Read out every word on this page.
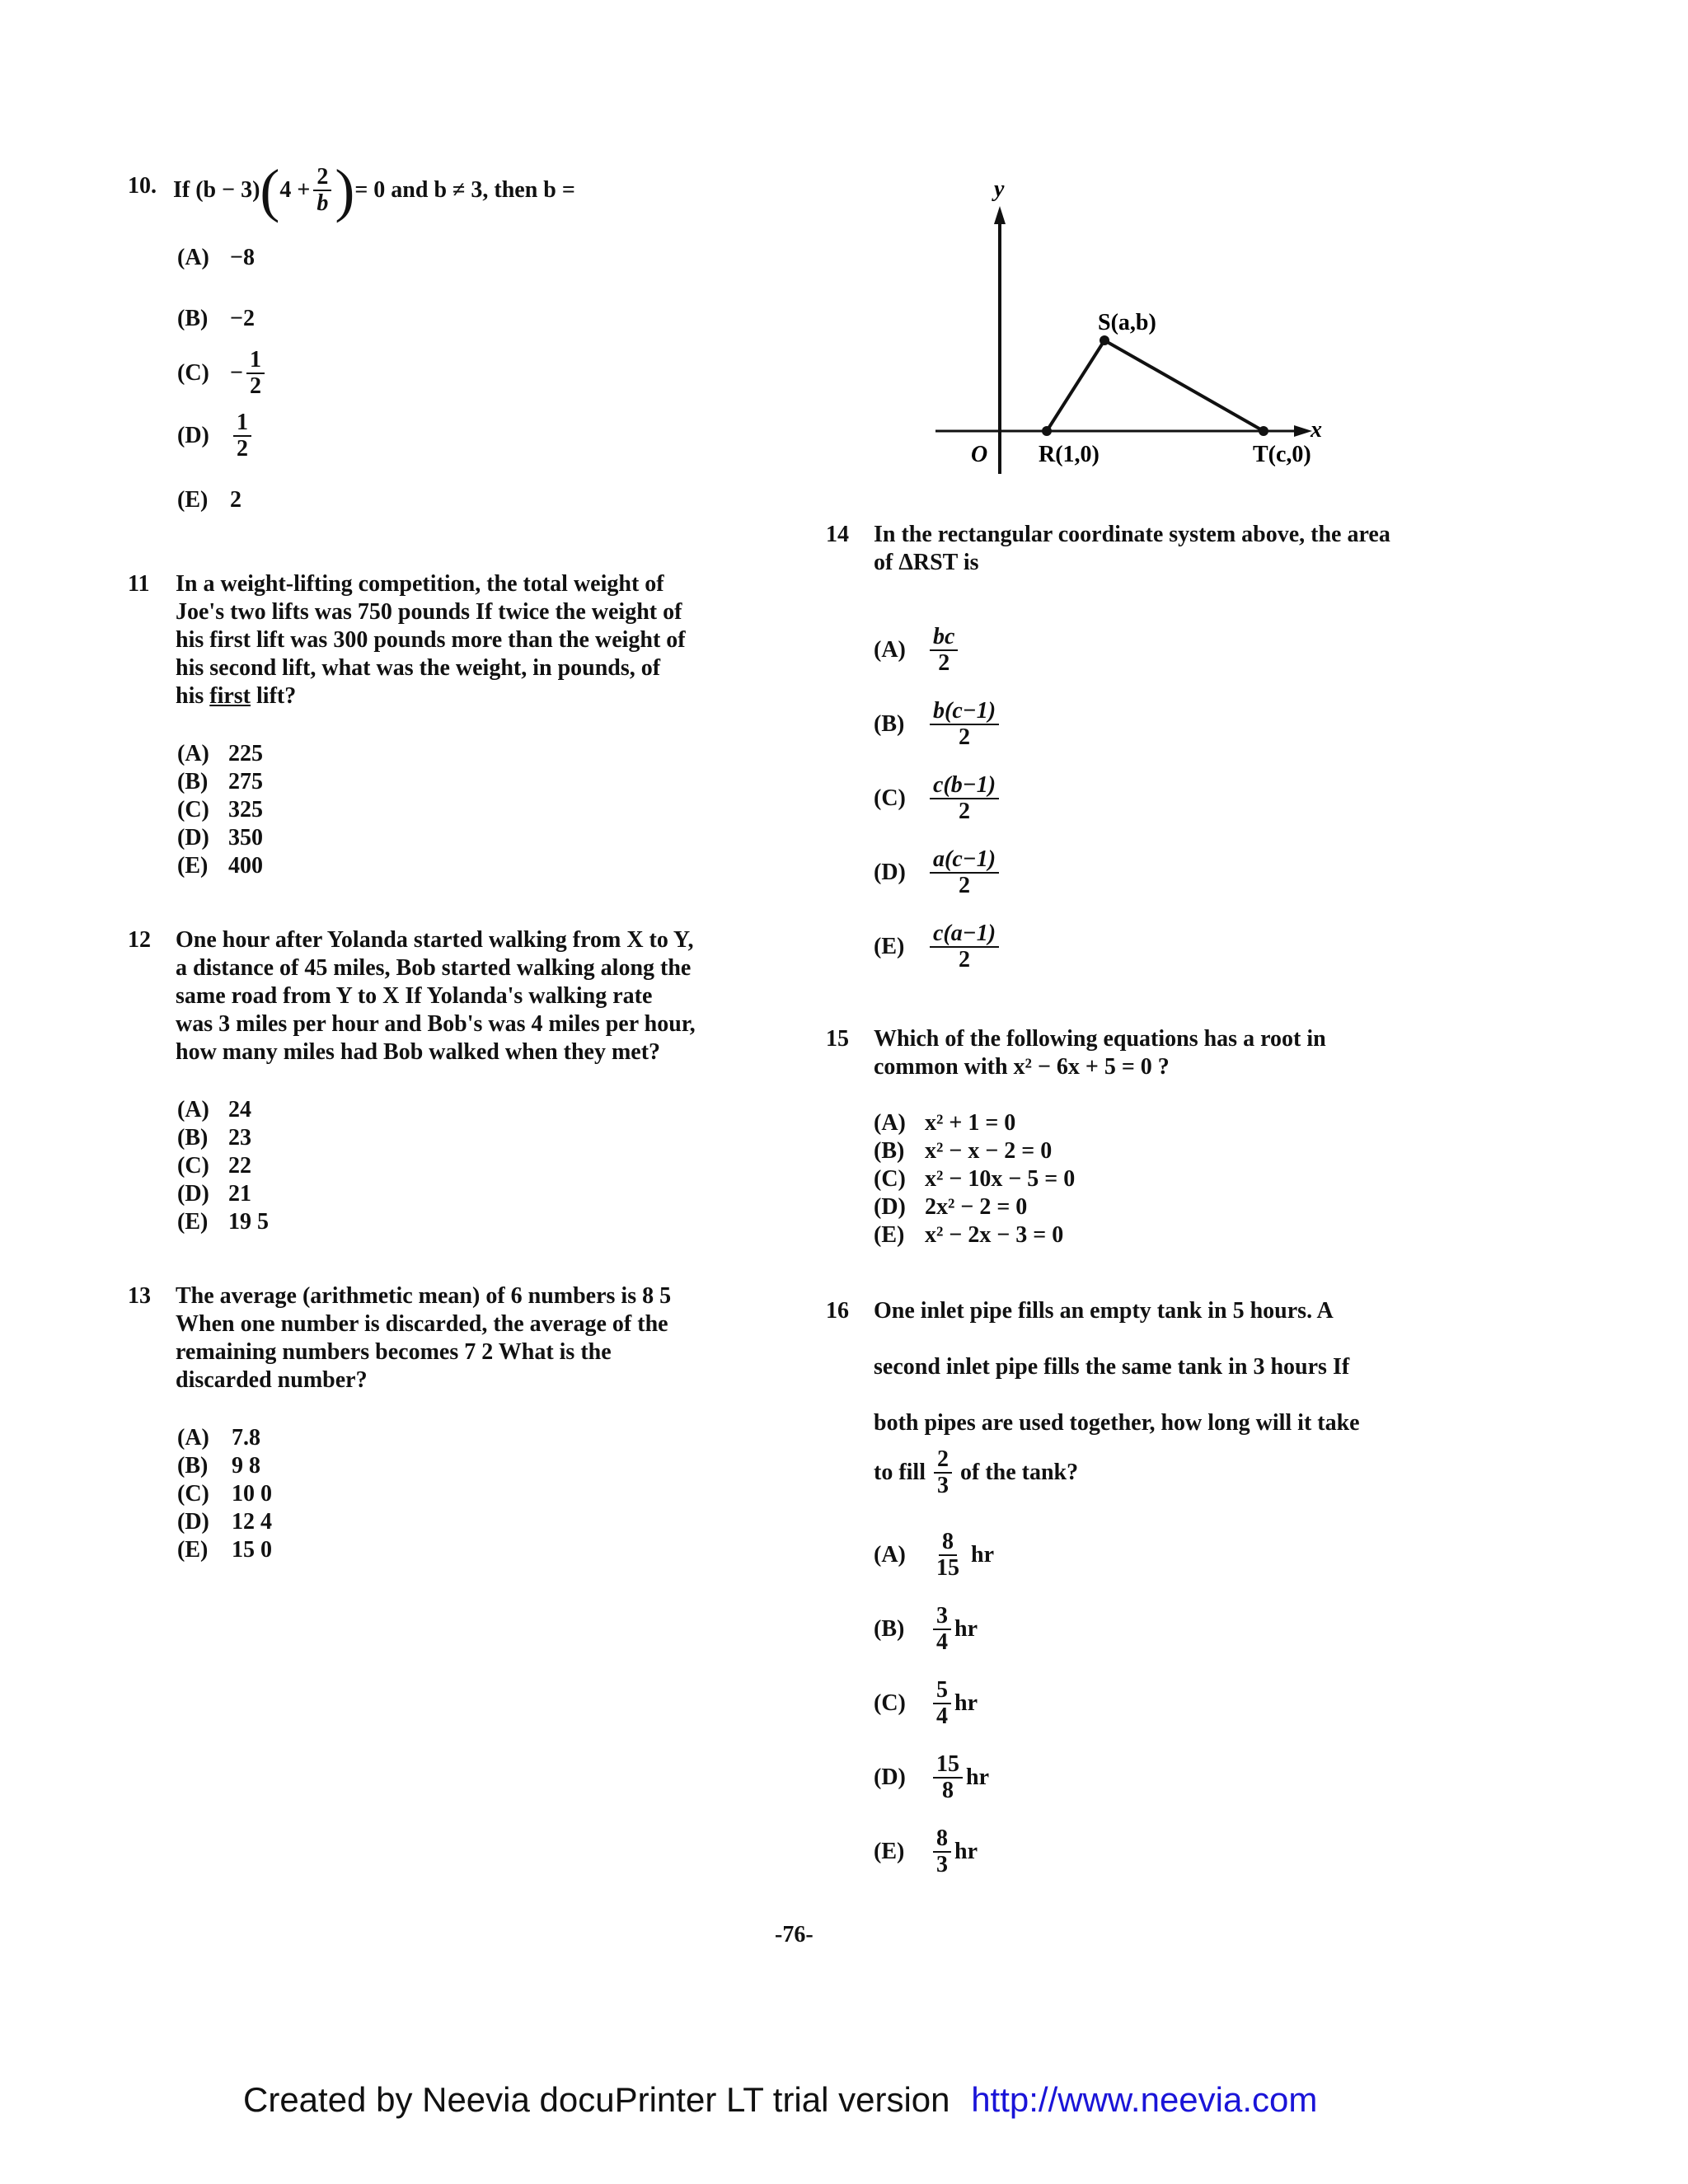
10. If (b − 3) ( $4 + \frac{2}{b}$ ) = 0 and b ≠ 3, then b =
(A) −8
(B) −2
$(C) - \frac{1}{2}$
(D)	$\frac{1}{2}$
(E) 2
11 In a weight-lifting competition, the total weight of
Joe's two lifts was 750 pounds If twice the weight of
his first lift was 300 pounds more than the weight of
his second lift, what was the weight, in pounds, of
his first lift?
(A) 225
(B) 275
(C) 325
(D) 350
(E) 400
12 One hour after Yolanda started walking from X to Y,
a distance of 45 miles, Bob started walking along the
same road from Y to X If Yolanda's walking rate
was 3 miles per hour and Bob's was 4 miles per hour,
how many miles had Bob walked when they met?
(A) 24
(B) 23
(C) 22
(D) 21
(E) 19 5
13 The average (arithmetic mean) of 6 numbers is 8 5
When one number is discarded, the average of the
remaining numbers becomes 7 2 What is the
discarded number?
(A) 7.8
(B)	9 8
(C) 10 0
(D) 12 4
(E)	15 0
y
x
O R(1,0)
S(a,b)
T(c,0)
14 In the rectangular coordinate system above, the area
of ΔRST is
(A)	$\frac{bc}{2}$
(B)	$\frac{b(c-1)}{2}$
(C)	$\frac{c(b-1)}{2}$
(D)	$\frac{a(c-1)}{2}$
(E)	$\frac{c(a-1)}{2}$
15 Which of the following equations has a root in
common with x² − 6x + 5 = 0 ?
(A) x² + 1 = 0
(B) x² − x − 2 = 0
(C) x² − 10x − 5 = 0
(D) 2x² − 2 = 0
(E) x² − 2x − 3 = 0
16 One inlet pipe fills an empty tank in 5 hours. A
second inlet pipe fills the same tank in 3 hours If
both pipes are used together, how long will it take
to fill $\frac{2}{3}$ of the tank?
(A)	$\frac{8}{15}$ hr
(B)	$\frac{3}{4}$ hr
(C)	$\frac{5}{4}$ hr
(D)	$\frac{15}{8}$ hr
(E)	$\frac{8}{3}$ hr
-76-
Created by Neevia docuPrinter LT trial version http://www.neevia.com
